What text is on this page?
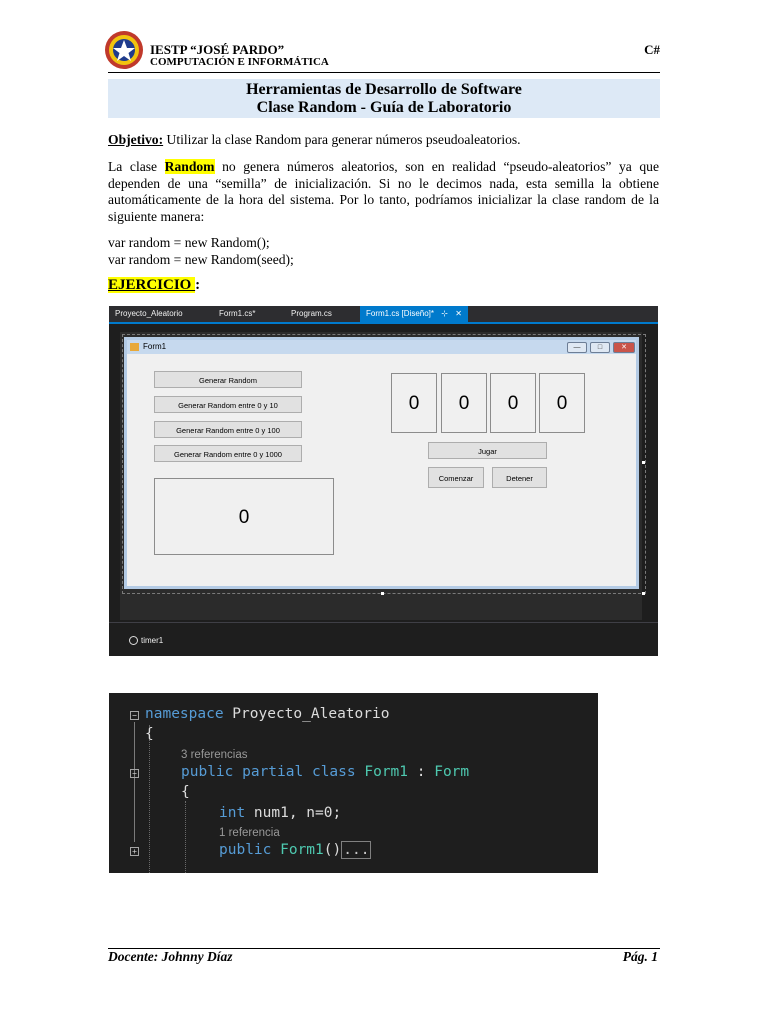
IESTP “JOSÉ PARDO”
COMPUTACIÓN E INFORMÁTICA
C#
Herramientas de Desarrollo de Software
Clase Random - Guía de Laboratorio
Objetivo: Utilizar la clase Random para generar números pseudoaleatorios.
La clase Random no genera números aleatorios, son en realidad “pseudo-aleatorios” ya que dependen de una “semilla” de inicialización. Si no le decimos nada, esta semilla la obtiene automáticamente de la hora del sistema. Por lo tanto, podríamos inicializar la clase random de la siguiente manera:
var random = new Random();
var random = new Random(seed);
EJERCICIO :
Proyecto_Aleatorio	Form1.cs*	Program.cs	Form1.cs [Diseño]* ⊹ ✕
Form1	—	□	✕
Generar Random
Generar Random entre 0 y 10
Generar Random entre 0 y 100
Generar Random entre 0 y 1000
0	0	0	0
Jugar
Comenzar	Detener
0
timer1
−
−
+
namespace Proyecto_Aleatorio
{
3 referencias
public partial class Form1 : Form
{
int num1, n=0;
1 referencia
public Form1() ...
Docente: Johnny Díaz	Pág. 1
